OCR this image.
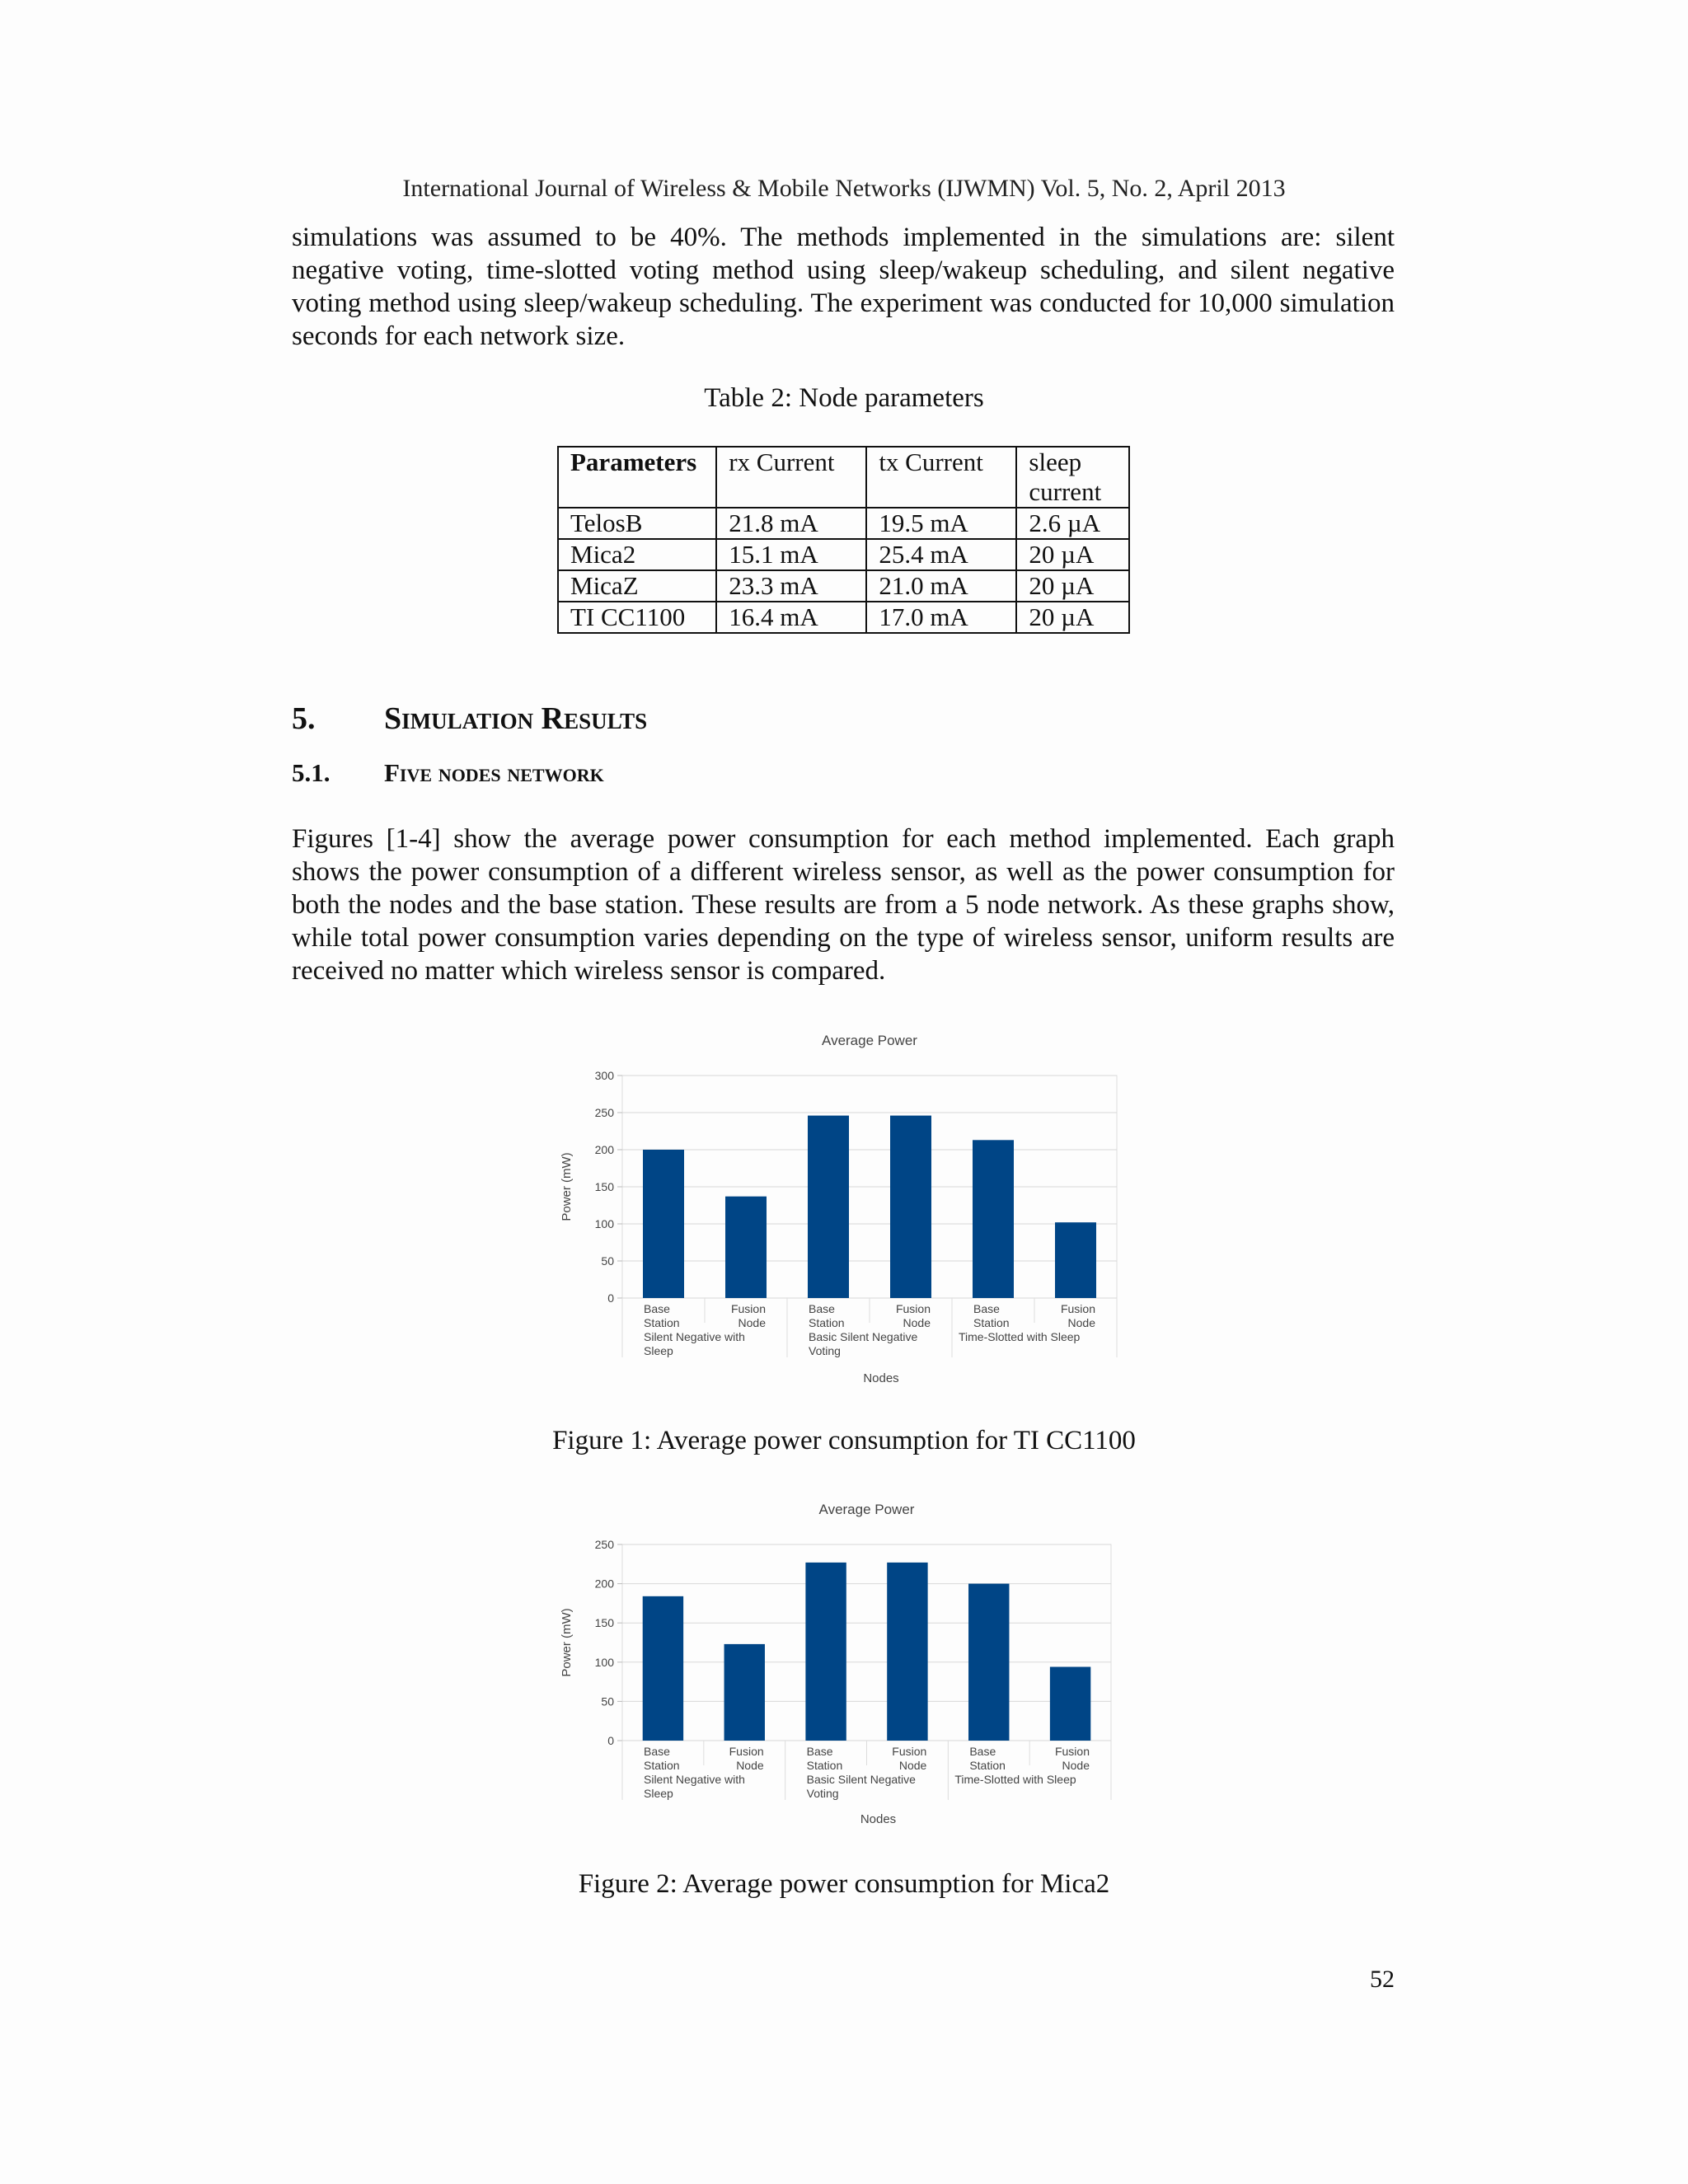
International Journal of Wireless & Mobile Networks (IJWMN) Vol. 5, No. 2, April 2013

simulations was assumed to be 40%. The methods implemented in the simulations are: silent negative voting, time-slotted voting method using sleep/wakeup scheduling, and silent negative voting method using sleep/wakeup scheduling. The experiment was conducted for 10,000 simulation seconds for each network size.

Table 2: Node parameters
Parameters	rx Current	tx Current	sleep current
TelosB	21.8 mA	19.5 mA	2.6 µA
Mica2	15.1 mA	25.4 mA	20 µA
MicaZ	23.3 mA	21.0 mA	20 µA
TI CC1100	16.4 mA	17.0 mA	20 µA
5. Simulation Results
5.1. Five nodes network

Figures [1-4] show the average power consumption for each method implemented. Each graph shows the power consumption of a different wireless sensor, as well as the power consumption for both the nodes and the base station. These results are from a 5 node network. As these graphs show, while total power consumption varies depending on the type of wireless sensor, uniform results are received no matter which wireless sensor is compared.

Average Power
0
50
100
150
200
250
300
Power (mW)
Base Station
Fusion Node
Base Station
Fusion Node
Base Station
Fusion Node
Silent Negative with Sleep
Basic Silent Negative Voting
Time-Slotted with Sleep
Nodes
Figure 1: Average power consumption for TI CC1100
Average Power
0
50
100
150
200
250
Power (mW)
Base Station
Fusion Node
Base Station
Fusion Node
Base Station
Fusion Node
Silent Negative with Sleep
Basic Silent Negative Voting
Time-Slotted with Sleep
Nodes
Figure 2: Average power consumption for Mica2
52
